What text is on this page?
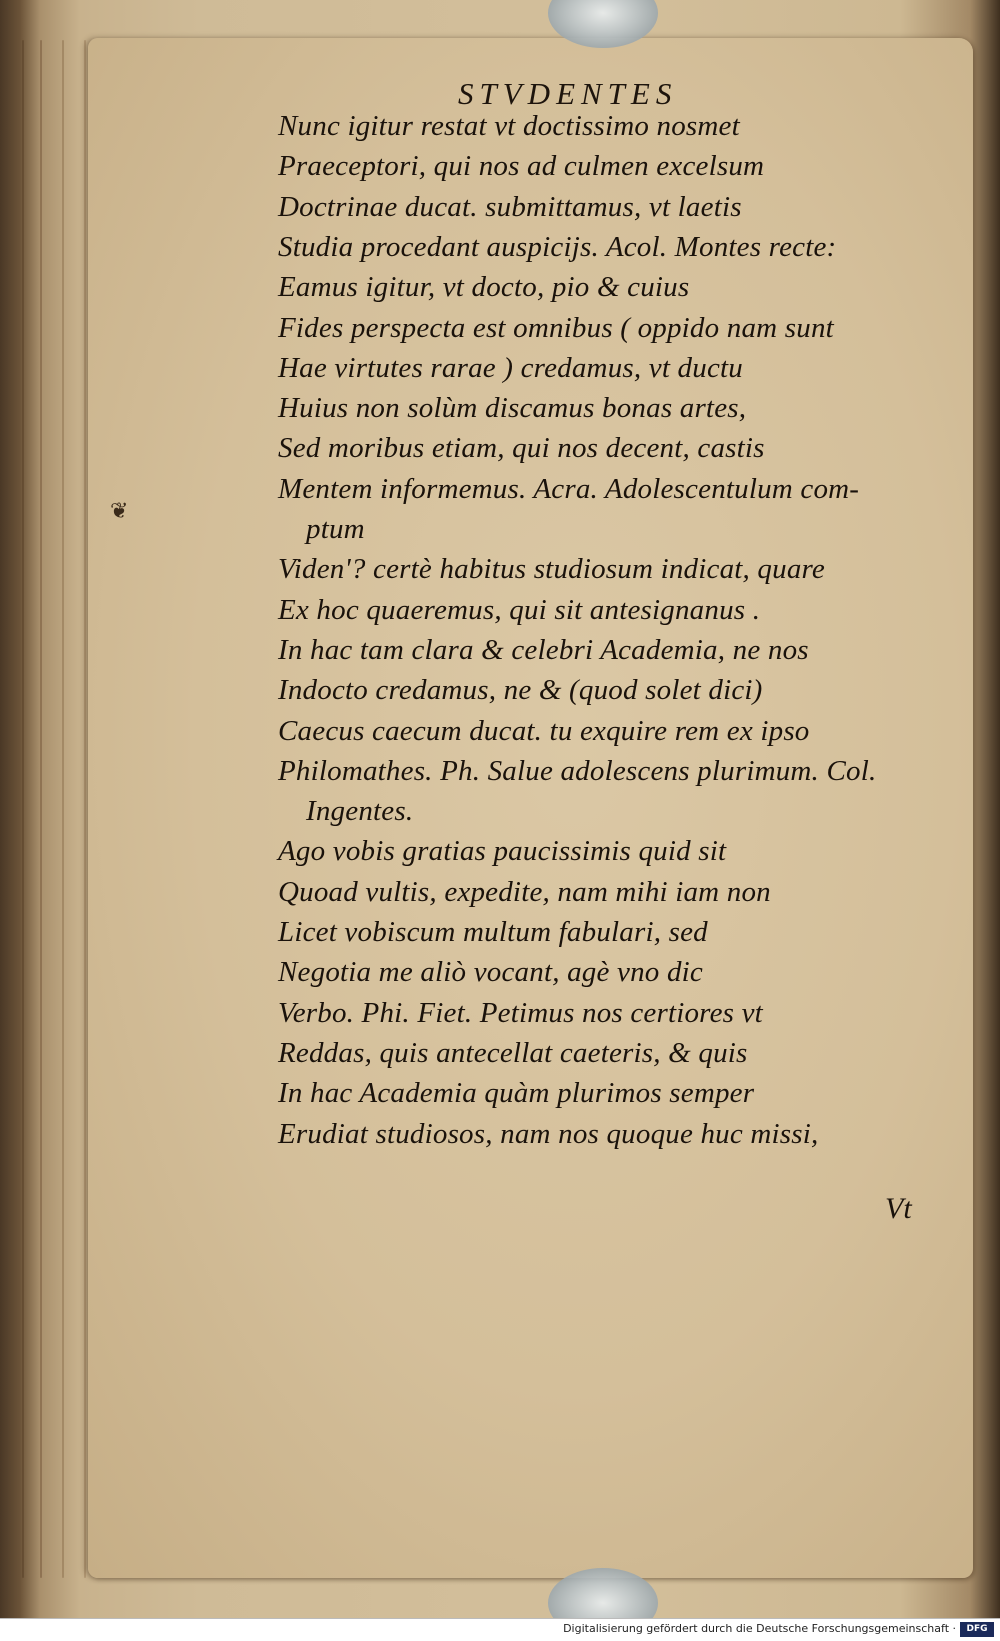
❦
STVDENTES
Nunc igitur restat vt doctissimo nosmet
Praeceptori, qui nos ad culmen excelsum
Doctrinae ducat. submittamus, vt laetis
Studia procedant auspicijs. Acol. Montes recte:
Eamus igitur, vt docto, pio & cuius
Fides perspecta est omnibus ( oppido nam sunt
Hae virtutes rarae ) credamus, vt ductu
Huius non solùm discamus bonas artes,
Sed moribus etiam, qui nos decent, castis
Mentem informemus. Acra. Adolescentulum com-
ptum
Viden'? certè habitus studiosum indicat, quare
Ex hoc quaeremus, qui sit antesignanus .
In hac tam clara & celebri Academia, ne nos
Indocto credamus, ne & (quod solet dici)
Caecus caecum ducat. tu exquire rem ex ipso
Philomathes. Ph. Salue adolescens plurimum. Col.
Ingentes.
Ago vobis gratias paucissimis quid sit
Quoad vultis, expedite, nam mihi iam non
Licet vobiscum multum fabulari, sed
Negotia me aliò vocant, agè vno dic
Verbo. Phi. Fiet. Petimus nos certiores vt
Reddas, quis antecellat caeteris, & quis
In hac Academia quàm plurimos semper
Erudiat studiosos, nam nos quoque huc missi,
Vt
Digitalisierung gefördert durch die Deutsche Forschungsgemeinschaft ·	DFG
